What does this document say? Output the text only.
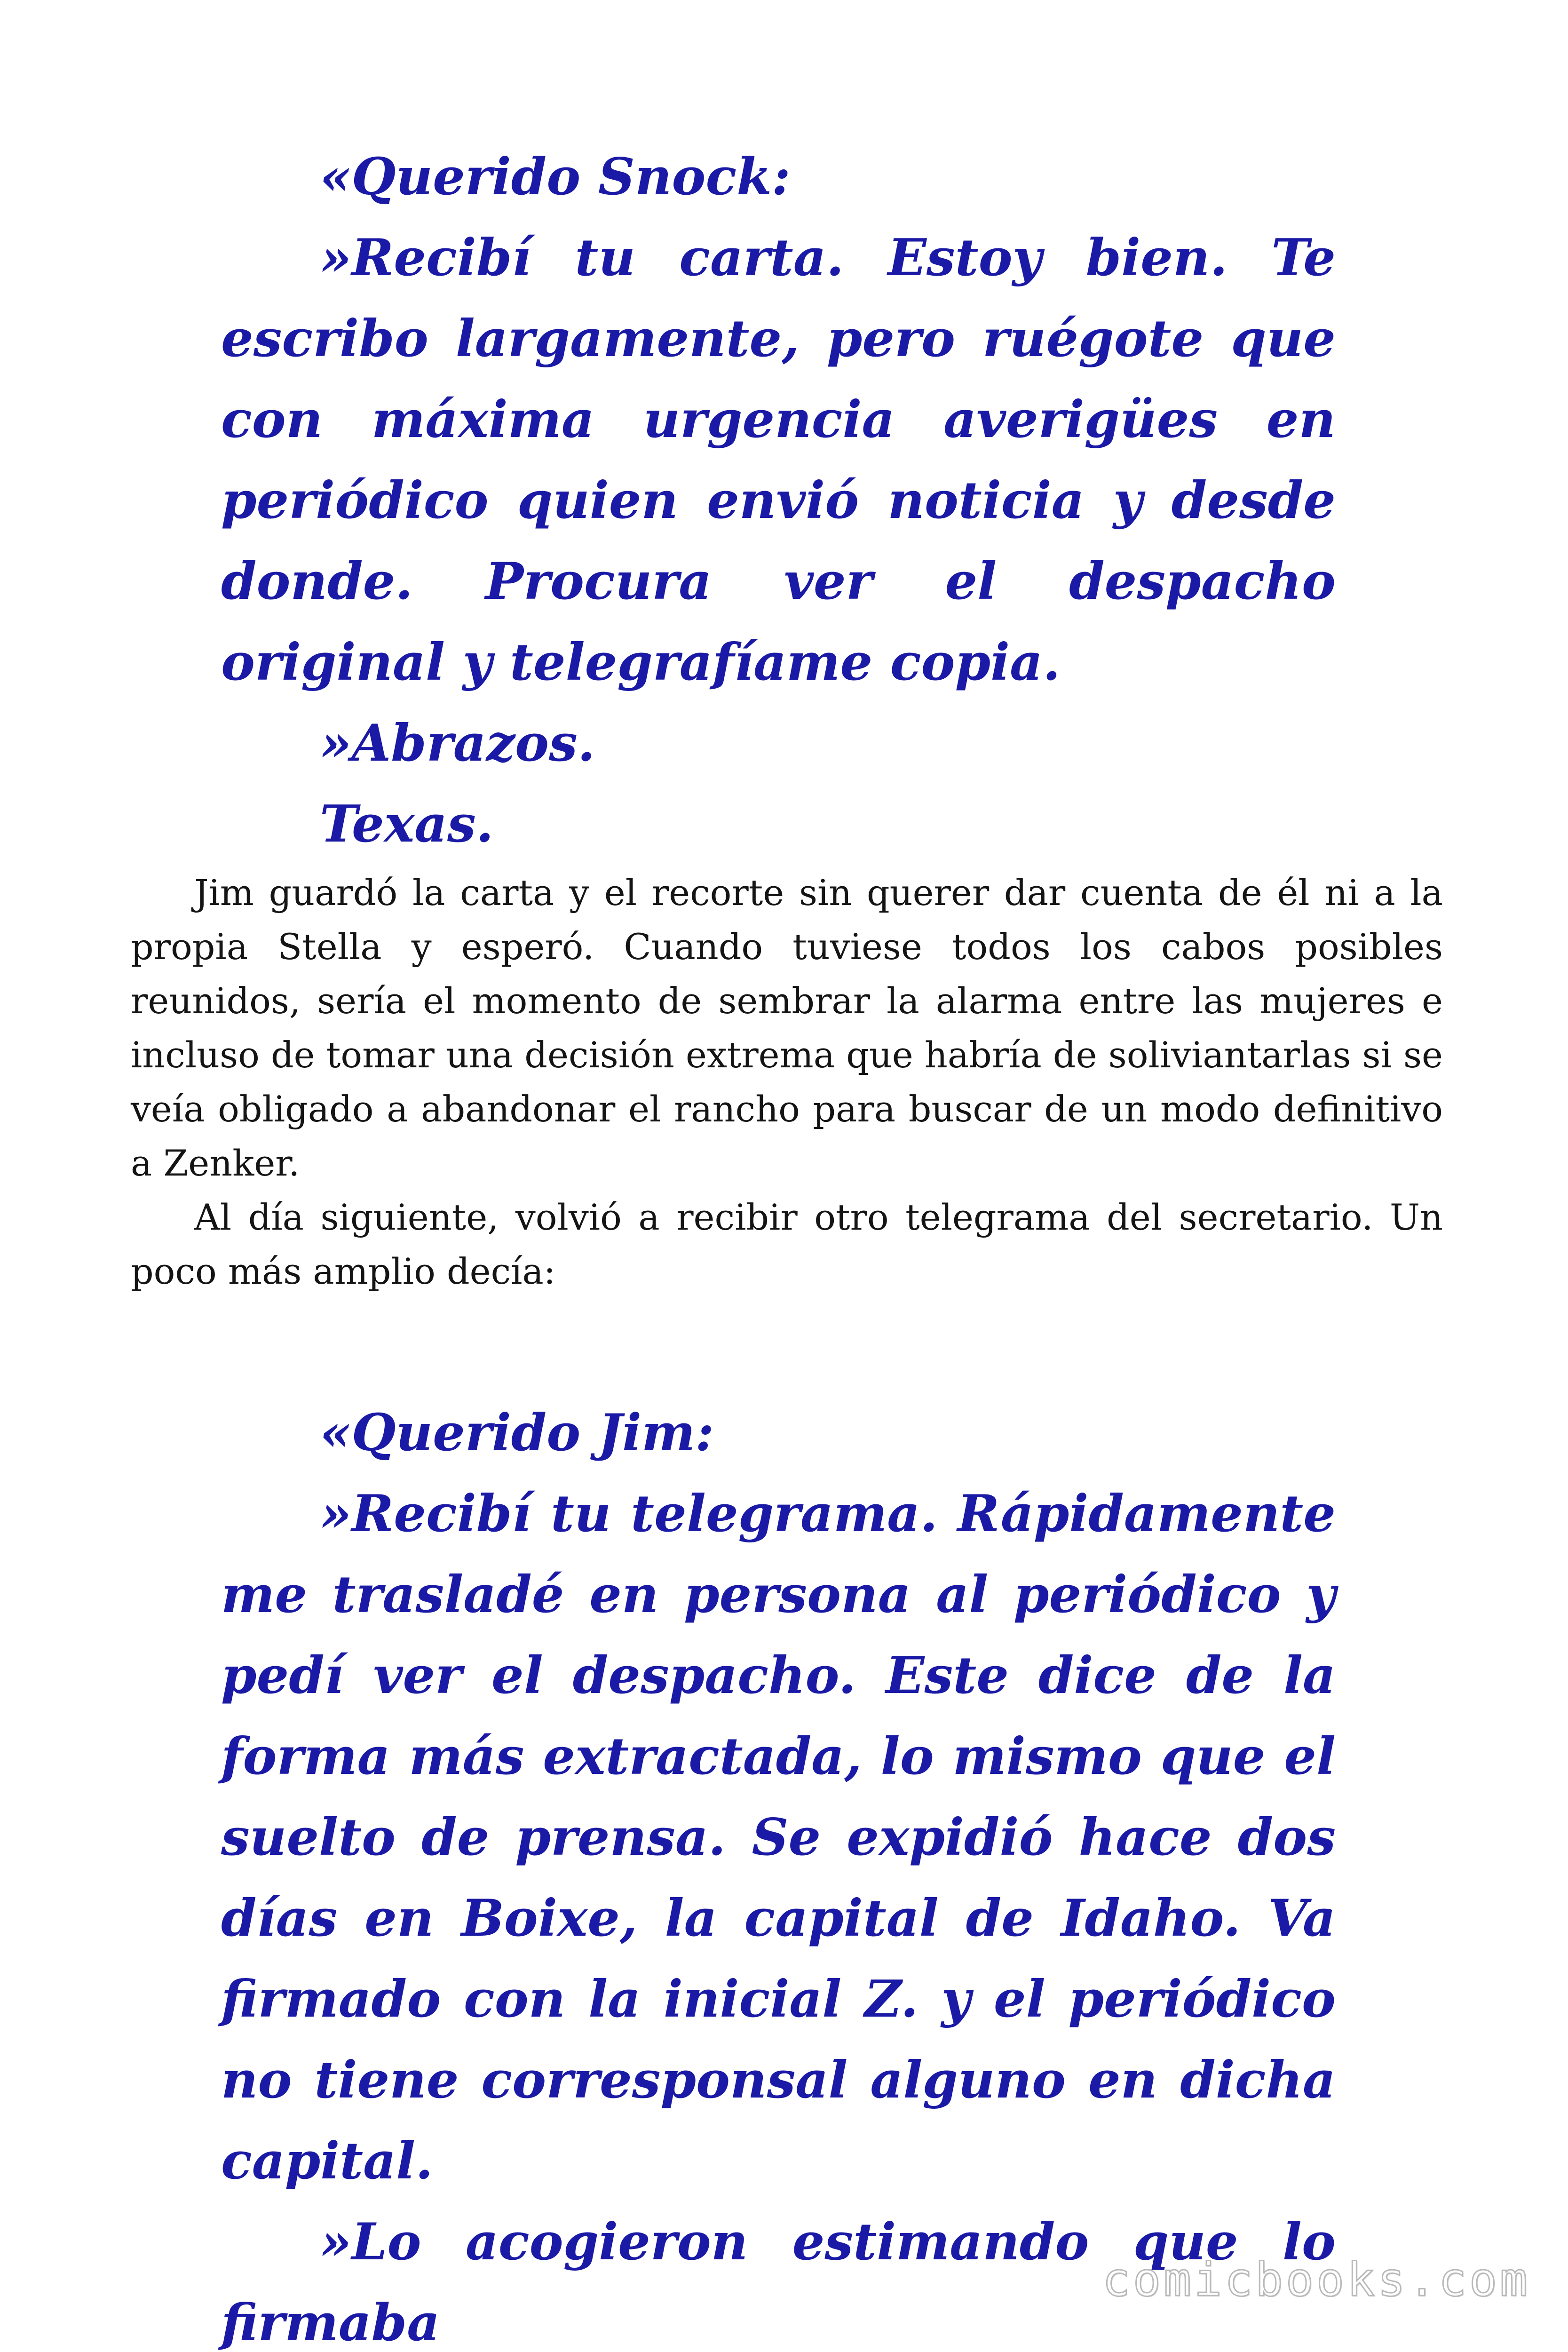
«Querido Snock:

»Recibí tu carta. Estoy bien. Te escribo largamente, pero ruégote que con máxima urgencia averigües en periódico quien envió noticia y desde donde. Procura ver el despacho original y telegrafíame copia.

»Abrazos.

Texas.

Jim guardó la carta y el recorte sin querer dar cuenta de él ni a la propia Stella y esperó. Cuando tuviese todos los cabos posibles reunidos, sería el momento de sembrar la alarma entre las mujeres e incluso de tomar una decisión extrema que habría de soliviantarlas si se veía obligado a abandonar el rancho para buscar de un modo definitivo a Zenker.

Al día siguiente, volvió a recibir otro telegrama del secretario. Un poco más amplio decía:

«Querido Jim:

»Recibí tu telegrama. Rápidamente me trasladé en persona al periódico y pedí ver el despacho. Este dice de la forma más extractada, lo mismo que el suelto de prensa. Se expidió hace dos días en Boixe, la capital de Idaho. Va firmado con la inicial Z. y el periódico no tiene corresponsal alguno en dicha capital.

»Lo acogieron estimando que lo firmaba

comicbooks.com
